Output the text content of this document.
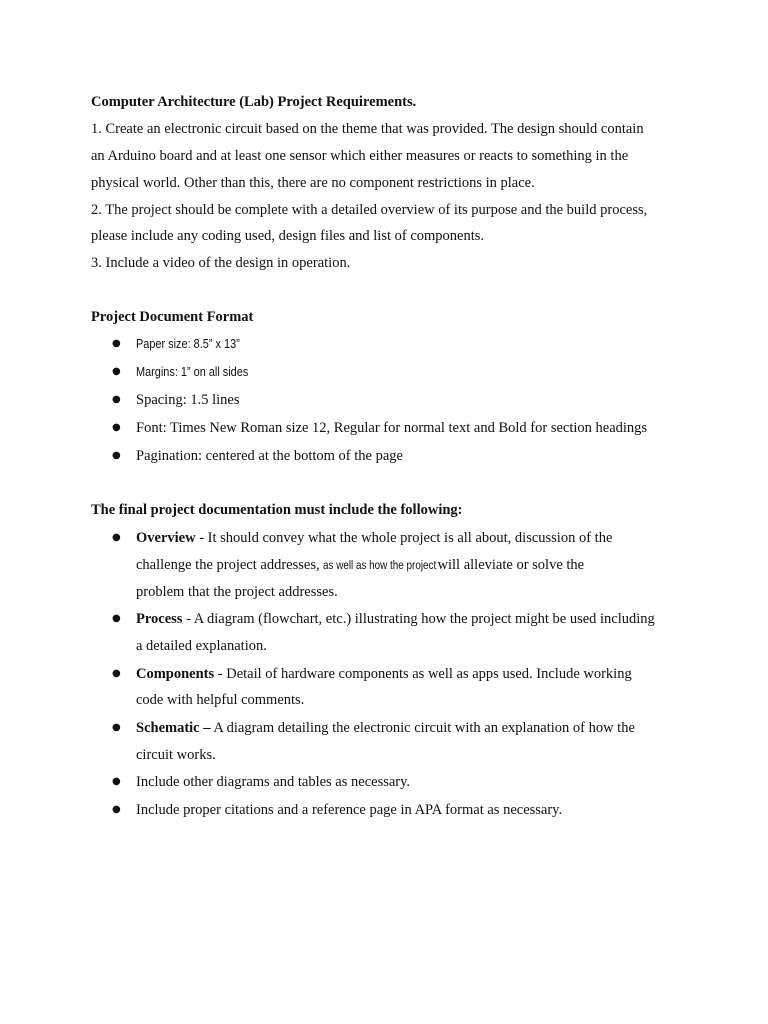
Computer Architecture (Lab) Project Requirements.
1. Create an electronic circuit based on the theme that was provided. The design should contain
an Arduino board and at least one sensor which either measures or reacts to something in the
physical world. Other than this, there are no component restrictions in place.
2. The project should be complete with a detailed overview of its purpose and the build process,
please include any coding used, design files and list of components.
3. Include a video of the design in operation.
Project Document Format
● Paper size: 8.5” x 13”
● Margins: 1” on all sides
● Spacing: 1.5 lines
● Font: Times New Roman size 12, Regular for normal text and Bold for section headings
● Pagination: centered at the bottom of the page
The final project documentation must include the following:
● Overview - It should convey what the whole project is all about, discussion of the
challenge the project addresses, as well as how the project will alleviate or solve the
problem that the project addresses.
● Process - A diagram (flowchart, etc.) illustrating how the project might be used including
a detailed explanation.
● Components - Detail of hardware components as well as apps used. Include working
code with helpful comments.
● Schematic – A diagram detailing the electronic circuit with an explanation of how the
circuit works.
● Include other diagrams and tables as necessary.
● Include proper citations and a reference page in APA format as necessary.
